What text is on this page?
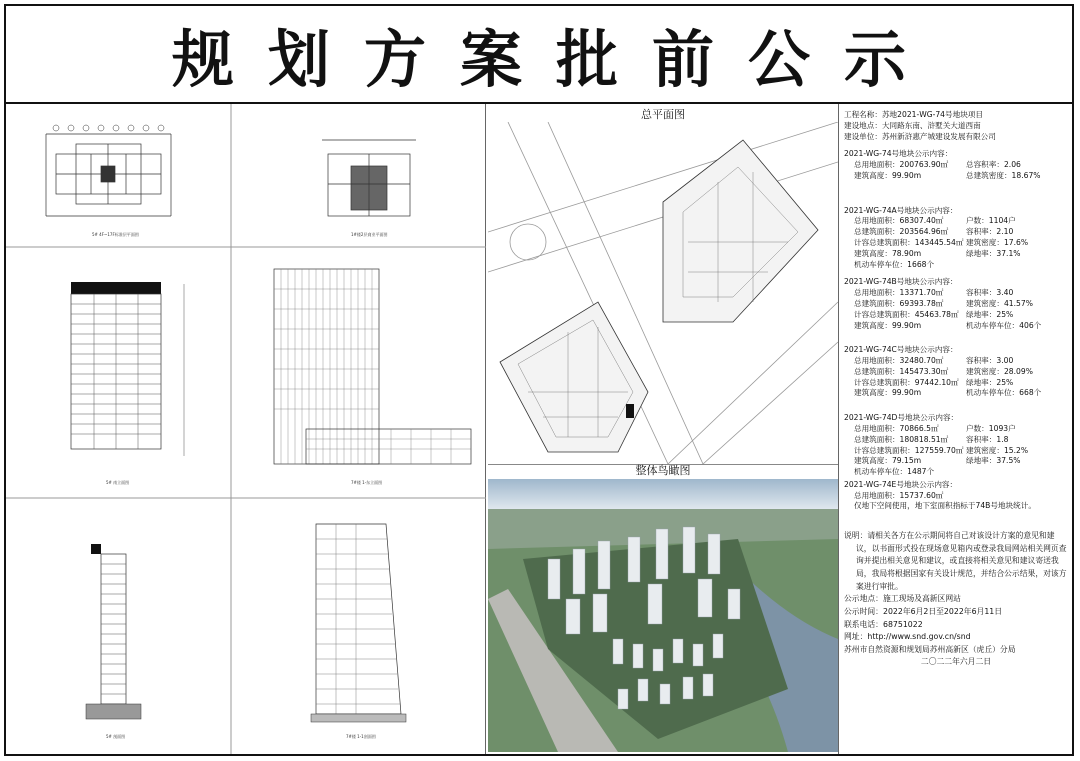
规划方案批前公示
5# 4F~17F标准层平面图	1#楼2层商业平面图
5# 南立面图	7#楼 1-东立面图
5# 剖面图	7#楼 1-1剖面图
总平面图
整体鸟瞰图
工程名称：苏地2021-WG-74号地块项目
建设地点：大同路东南、浒墅关大道西南
建设单位：苏州新浒惠产城建设发展有限公司
2021-WG-74号地块公示内容：
总用地面积：200763.90㎡	总容积率：2.06
建筑高度：99.90m	总建筑密度：18.67%
2021-WG-74A号地块公示内容：
总用地面积：68307.40㎡	户数：1104户
总建筑面积：203564.96㎡	容积率：2.10
计容总建筑面积：143445.54㎡ 建筑密度：17.6%
建筑高度：78.90m	绿地率：37.1%
机动车停车位：1668个
2021-WG-74B号地块公示内容：
总用地面积：13371.70㎡	容积率：3.40
总建筑面积：69393.78㎡	建筑密度：41.57%
计容总建筑面积：45463.78㎡ 绿地率：25%
建筑高度：99.90m	机动车停车位：406个
2021-WG-74C号地块公示内容：
总用地面积：32480.70㎡	容积率：3.00
总建筑面积：145473.30㎡	建筑密度：28.09%
计容总建筑面积：97442.10㎡ 绿地率：25%
建筑高度：99.90m	机动车停车位：668个
2021-WG-74D号地块公示内容：
总用地面积：70866.5㎡	户数：1093户
总建筑面积：180818.51㎡	容积率：1.8
计容总建筑面积：127559.70㎡ 建筑密度：15.2%
建筑高度：79.15m	绿地率：37.5%
机动车停车位：1487个
2021-WG-74E号地块公示内容：
总用地面积：15737.60㎡
仅地下空间使用，地下室面积指标于74B号地块统计。
说明：请相关各方在公示期间将自己对该设计方案的意见和建议，以书面形式投在现场意见箱内或登录我局网站相关网页查询并提出相关意见和建议，或直接将相关意见和建议寄送我局，我局将根据国家有关设计规范，并结合公示结果，对该方案进行审批。
公示地点：施工现场及高新区网站
公示时间：2022年6月2日至2022年6月11日
联系电话：68751022
网址：http://www.snd.gov.cn/snd
苏州市自然资源和规划局苏州高新区（虎丘）分局
二〇二二年六月二日
